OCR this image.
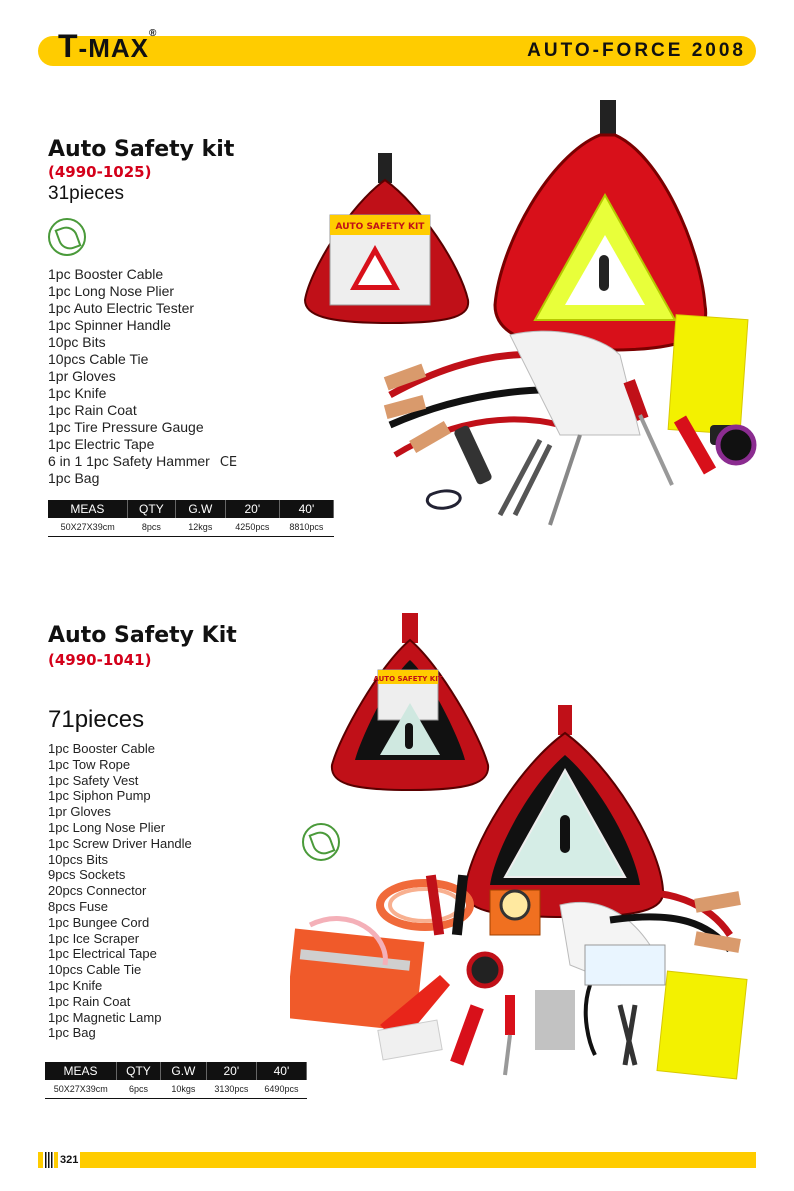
T-MAX®
AUTO-FORCE 2008
Auto Safety kit
(4990-1025)
31pieces
1pc Booster Cable
1pc Long Nose Plier
1pc Auto Electric Tester
1pc Spinner Handle
10pc Bits
10pcs Cable Tie
1pr Gloves
1pc Knife
1pc Rain Coat
1pc Tire Pressure Gauge
1pc Electric Tape
6 in 1 1pc Safety Hammer CE
1pc Bag
MEAS	QTY	G.W	20'	40'
50X27X39cm	8pcs	12kgs	4250pcs	8810pcs
AUTO SAFETY KIT
Auto Safety Kit
(4990-1041)
71pieces
1pc Booster Cable
1pc Tow Rope
1pc Safety Vest
1pc Siphon Pump
1pr Gloves
1pc Long Nose Plier
1pc Screw Driver Handle
10pcs Bits
9pcs Sockets
20pcs Connector
8pcs Fuse
1pc Bungee Cord
1pc Ice Scraper
1pc Electrical Tape
10pcs Cable Tie
1pc Knife
1pc Rain Coat
1pc Magnetic Lamp
1pc Bag
MEAS	QTY	G.W	20'	40'
50X27X39cm	6pcs	10kgs	3130pcs	6490pcs
AUTO SAFETY KIT
321
